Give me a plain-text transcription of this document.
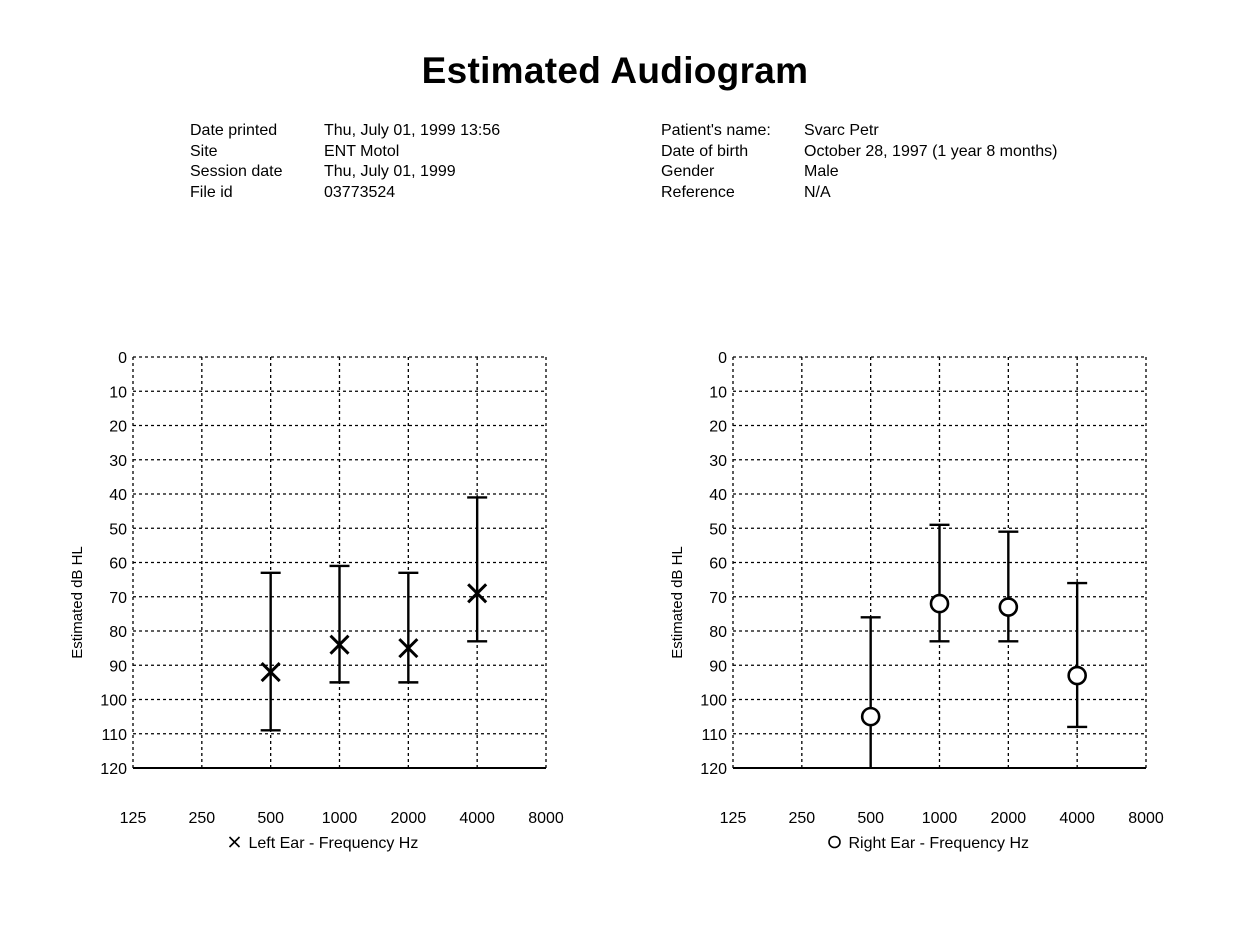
Estimated Audiogram
Date printed	Thu, July 01, 1999 13:56
Site	ENT Motol
Session date	Thu, July 01, 1999
File id	03773524
Patient's name:	Svarc Petr
Date of birth	October 28, 1997 (1 year 8 months)
Gender	Male
Reference	N/A
0
10
20
30
40
50
60
70
80
90
100
110
120
125	250	500 1000 2000 4000 8000
Estimated dB HL
Left Ear - Frequency Hz
0
10
20
30
40
50
60
70
80
90
100
110
120
125	250	500 1000 2000 4000 8000
Estimated dB HL
Right Ear - Frequency Hz
